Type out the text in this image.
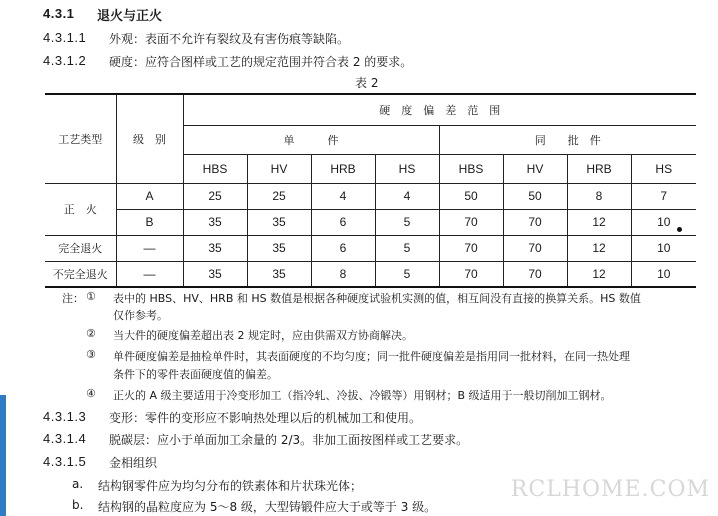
4.3.1 退火与正火
4.3.1.1 外观：表面不允许有裂纹及有害伤痕等缺陷。
4.3.1.2 硬度：应符合图样或工艺的规定范围并符合表 2 的要求。
表 2
工艺类型	级　别	硬　度　偏　差　范　围							
		单　　　件				同　　批　件			
		HBS	HV	HRB	HS	HBS	HV	HRB	HS
正　火	A	25	25	4	4	50	50	8	7
	B	35	35	6	5	70	70	12	10
完全退火	—	35	35	6	5	70	70	12	10
不完全退火	—	35	35	8	5	70	70	12	10
注： ① 表中的 HBS、HV、HRB 和 HS 数值是根据各种硬度试验机实测的值，相互间没有直接的换算关系。HS 数值
仅作参考。
② 当大件的硬度偏差超出表 2 规定时，应由供需双方协商解决。
③ 单件硬度偏差是抽检单件时，其表面硬度的不均匀度；同一批件硬度偏差是指用同一批材料，在同一热处理
条件下的零件表面硬度值的偏差。
④ 正火的 A 级主要适用于冷变形加工（指冷轧、冷拔、冷锻等）用钢材；B 级适用于一般切削加工钢材。
4.3.1.3 变形：零件的变形应不影响热处理以后的机械加工和使用。
4.3.1.4 脱碳层：应小于单面加工余量的 2/3。非加工面按图样或工艺要求。
4.3.1.5 金相组织
a. 结构钢零件应为均匀分布的铁素体和片状珠光体；
b. 结构钢的晶粒度应为 5～8 级，大型铸锻件应大于或等于 3 级。
RCLHOME.COM
